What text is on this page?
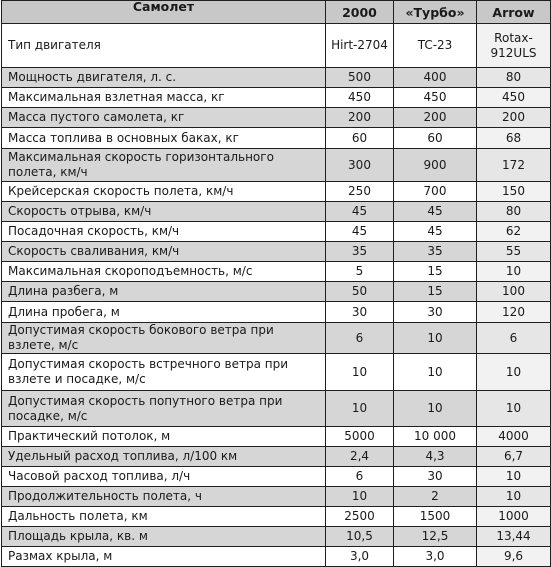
Самолет	2000	«Турбо»	Arrow
Тип двигателя	Hirt-2704	TC-23	Rotax-912ULS
Мощность двигателя, л. с.	500	400	80
Максимальная взлетная масса, кг	450	450	450
Масса пустого самолета, кг	200	200	200
Масса топлива в основных баках, кг	60	60	68
Максимальная скорость горизонтального полета, км/ч	300	900	172
Крейсерская скорость полета, км/ч	250	700	150
Скорость отрыва, км/ч	45	45	80
Посадочная скорость, км/ч	45	45	62
Скорость сваливания, км/ч	35	35	55
Максимальная скороподъемность, м/с	5	15	10
Длина разбега, м	50	15	100
Длина пробега, м	30	30	120
Допустимая скорость бокового ветра при взлете, м/с	6	10	6
Допустимая скорость встречного ветра при взлете и посадке, м/с	10	10	10
Допустимая скорость попутного ветра при посадке, м/с	10	10	10
Практический потолок, м	5000	10 000	4000
Удельный расход топлива, л/100 км	2,4	4,3	6,7
Часовой расход топлива, л/ч	6	30	10
Продолжительность полета, ч	10	2	10
Дальность полета, км	2500	1500	1000
Площадь крыла, кв. м	10,5	12,5	13,44
Размах крыла, м	3,0	3,0	9,6
